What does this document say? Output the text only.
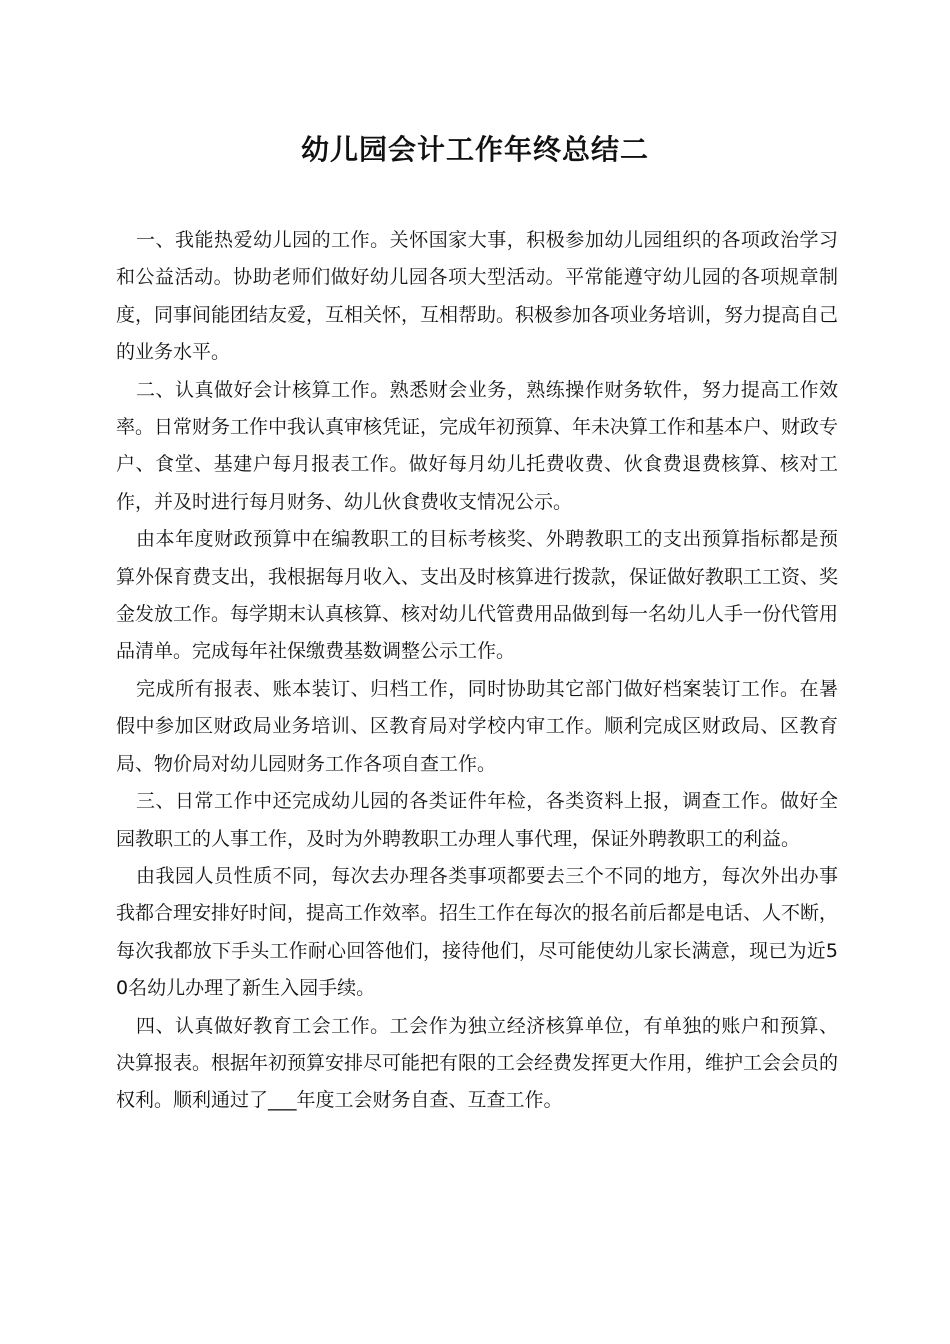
幼儿园会计工作年终总结二

一、我能热爱幼儿园的工作。关怀国家大事，积极参加幼儿园组织的各项政治学习和公益活动。协助老师们做好幼儿园各项大型活动。平常能遵守幼儿园的各项规章制度，同事间能团结友爱，互相关怀，互相帮助。积极参加各项业务培训，努力提高自己的业务水平。

二、认真做好会计核算工作。熟悉财会业务，熟练操作财务软件，努力提高工作效率。日常财务工作中我认真审核凭证，完成年初预算、年未决算工作和基本户、财政专户、食堂、基建户每月报表工作。做好每月幼儿托费收费、伙食费退费核算、核对工作，并及时进行每月财务、幼儿伙食费收支情况公示。

由本年度财政预算中在编教职工的目标考核奖、外聘教职工的支出预算指标都是预算外保育费支出，我根据每月收入、支出及时核算进行拨款，保证做好教职工工资、奖金发放工作。每学期末认真核算、核对幼儿代管费用品做到每一名幼儿人手一份代管用品清单。完成每年社保缴费基数调整公示工作。

完成所有报表、账本装订、归档工作，同时协助其它部门做好档案装订工作。在暑假中参加区财政局业务培训、区教育局对学校内审工作。顺利完成区财政局、区教育局、物价局对幼儿园财务工作各项自查工作。

三、日常工作中还完成幼儿园的各类证件年检，各类资料上报，调查工作。做好全园教职工的人事工作，及时为外聘教职工办理人事代理，保证外聘教职工的利益。

由我园人员性质不同，每次去办理各类事项都要去三个不同的地方，每次外出办事我都合理安排好时间，提高工作效率。招生工作在每次的报名前后都是电话、人不断，每次我都放下手头工作耐心回答他们，接待他们，尽可能使幼儿家长满意，现已为近50名幼儿办理了新生入园手续。

四、认真做好教育工会工作。工会作为独立经济核算单位，有单独的账户和预算、决算报表。根据年初预算安排尽可能把有限的工会经费发挥更大作用，维护工会会员的权利。顺利通过了___年度工会财务自查、互查工作。
